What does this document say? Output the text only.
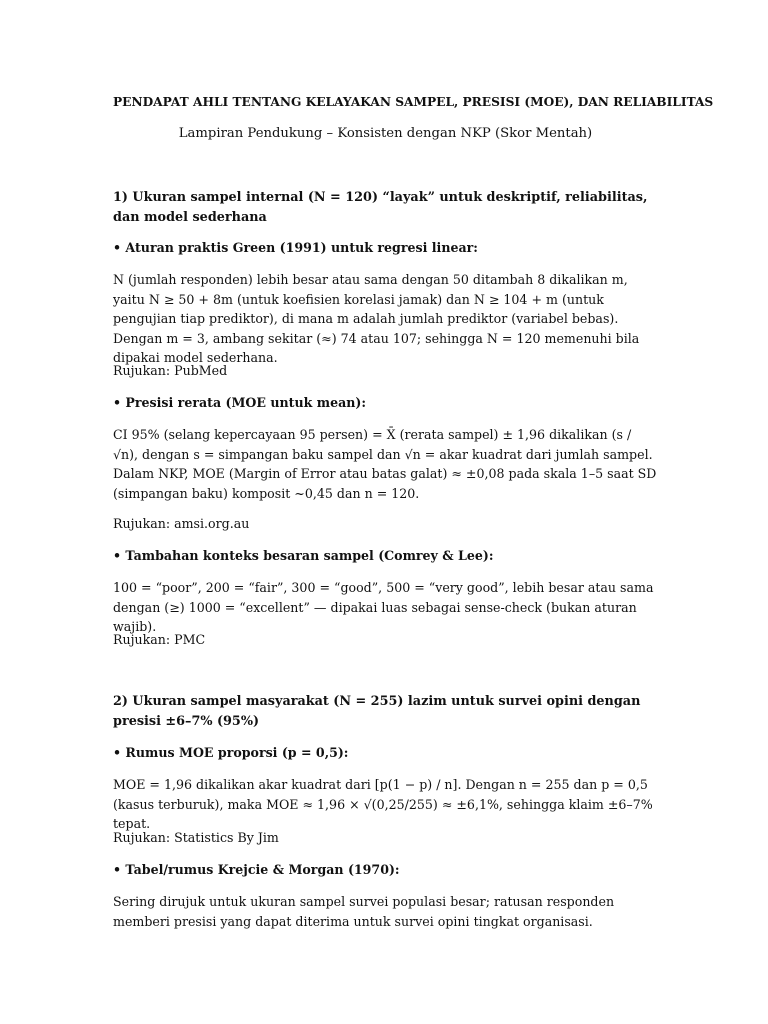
PENDAPAT AHLI TENTANG KELAYAKAN SAMPEL, PRESISI (MOE), DAN RELIABILITAS
Lampiran Pendukung – Konsisten dengan NKP (Skor Mentah)

1) Ukuran sampel internal (N = 120) “layak” untuk deskriptif, reliabilitas, dan model sederhana

• Aturan praktis Green (1991) untuk regresi linear:

N (jumlah responden) lebih besar atau sama dengan 50 ditambah 8 dikalikan m, yaitu N ≥ 50 + 8m (untuk koefisien korelasi jamak) dan N ≥ 104 + m (untuk pengujian tiap prediktor), di mana m adalah jumlah prediktor (variabel bebas). Dengan m = 3, ambang sekitar (≈) 74 atau 107; sehingga N = 120 memenuhi bila dipakai model sederhana.

Rujukan: PubMed

• Presisi rerata (MOE untuk mean):

CI 95% (selang kepercayaan 95 persen) = X̄ (rerata sampel) ± 1,96 dikalikan (s / √n), dengan s = simpangan baku sampel dan √n = akar kuadrat dari jumlah sampel. Dalam NKP, MOE (Margin of Error atau batas galat) ≈ ±0,08 pada skala 1–5 saat SD (simpangan baku) komposit ~0,45 dan n = 120.

Rujukan: amsi.org.au

• Tambahan konteks besaran sampel (Comrey & Lee):

100 = “poor”, 200 = “fair”, 300 = “good”, 500 = “very good”, lebih besar atau sama dengan (≥) 1000 = “excellent” — dipakai luas sebagai sense-check (bukan aturan wajib).

Rujukan: PMC

2) Ukuran sampel masyarakat (N = 255) lazim untuk survei opini dengan presisi ±6–7% (95%)

• Rumus MOE proporsi (p = 0,5):

MOE = 1,96 dikalikan akar kuadrat dari [p(1 − p) / n]. Dengan n = 255 dan p = 0,5 (kasus terburuk), maka MOE ≈ 1,96 × √(0,25/255) ≈ ±6,1%, sehingga klaim ±6–7% tepat.

Rujukan: Statistics By Jim

• Tabel/rumus Krejcie & Morgan (1970):

Sering dirujuk untuk ukuran sampel survei populasi besar; ratusan responden memberi presisi yang dapat diterima untuk survei opini tingkat organisasi.
